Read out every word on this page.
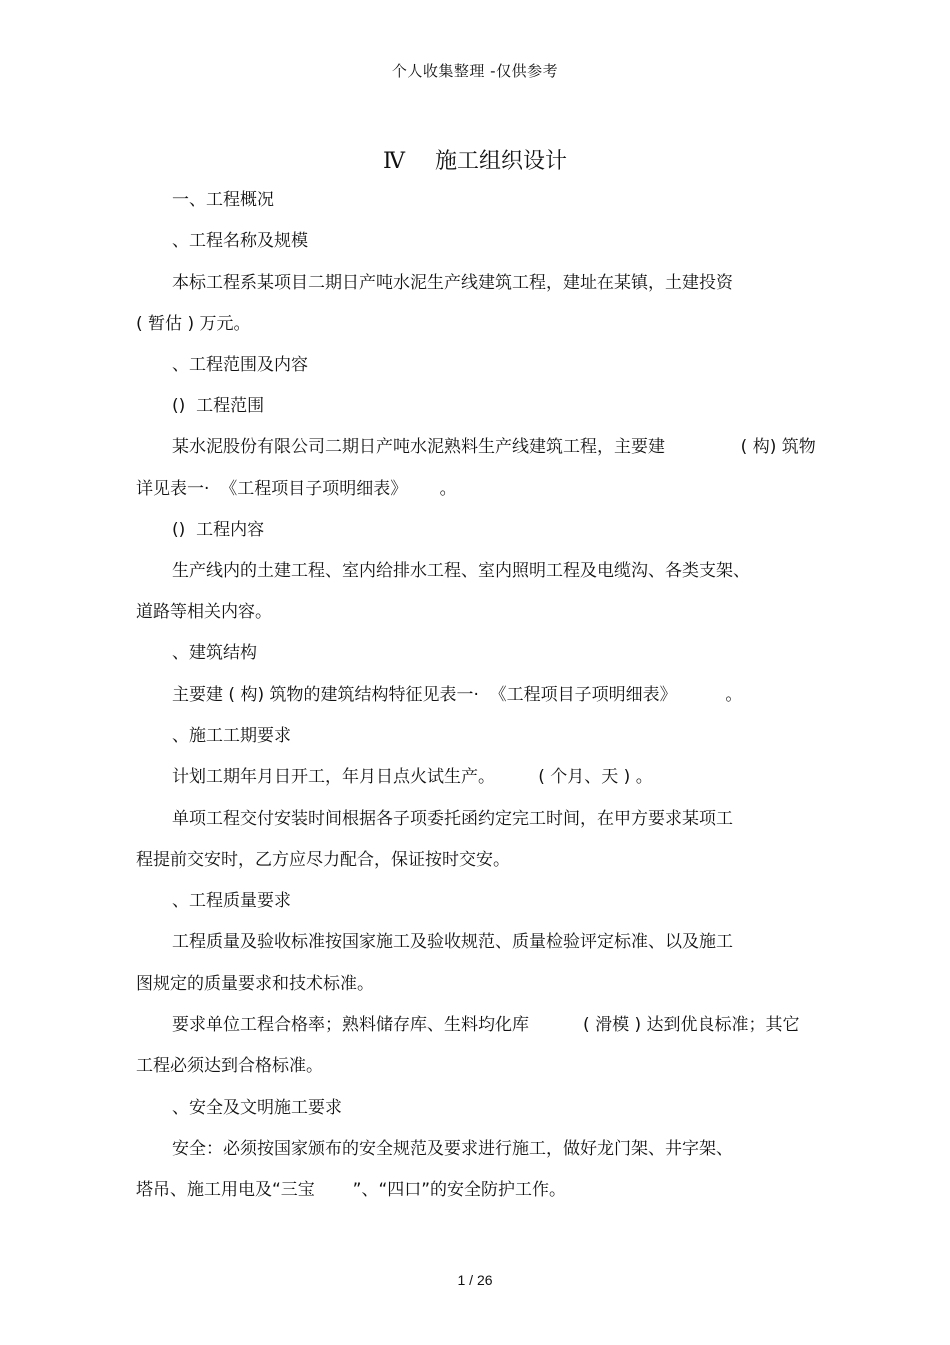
个人收集整理 -仅供参考
Ⅳ 施工组织设计
一、工程概况
、工程名称及规模
本标工程系某项目二期日产吨水泥生产线建筑工程，建址在某镇，土建投资
( 暂估 ) 万元。
、工程范围及内容
()  工程范围
某水泥股份有限公司二期日产吨水泥熟料生产线建筑工程，主要建              ( 构) 筑物
详见表一·  《工程项目子项明细表》      。
()  工程内容
生产线内的土建工程、室内给排水工程、室内照明工程及电缆沟、各类支架、
道路等相关内容。
、建筑结构
主要建 ( 构) 筑物的建筑结构特征见表一·  《工程项目子项明细表》         。
、施工工期要求
计划工期年月日开工，年月日点火试生产。        ( 个月、天 ) 。
单项工程交付安装时间根据各子项委托函约定完工时间，在甲方要求某项工
程提前交安时，乙方应尽力配合，保证按时交安。
、工程质量要求
工程质量及验收标准按国家施工及验收规范、质量检验评定标准、以及施工
图规定的质量要求和技术标准。
要求单位工程合格率；熟料储存库、生料均化库          ( 滑模 ) 达到优良标准；其它
工程必须达到合格标准。
、安全及文明施工要求
安全：必须按国家颁布的安全规范及要求进行施工，做好龙门架、井字架、
塔吊、施工用电及“三宝       ”、“四口”的安全防护工作。
1 / 26
